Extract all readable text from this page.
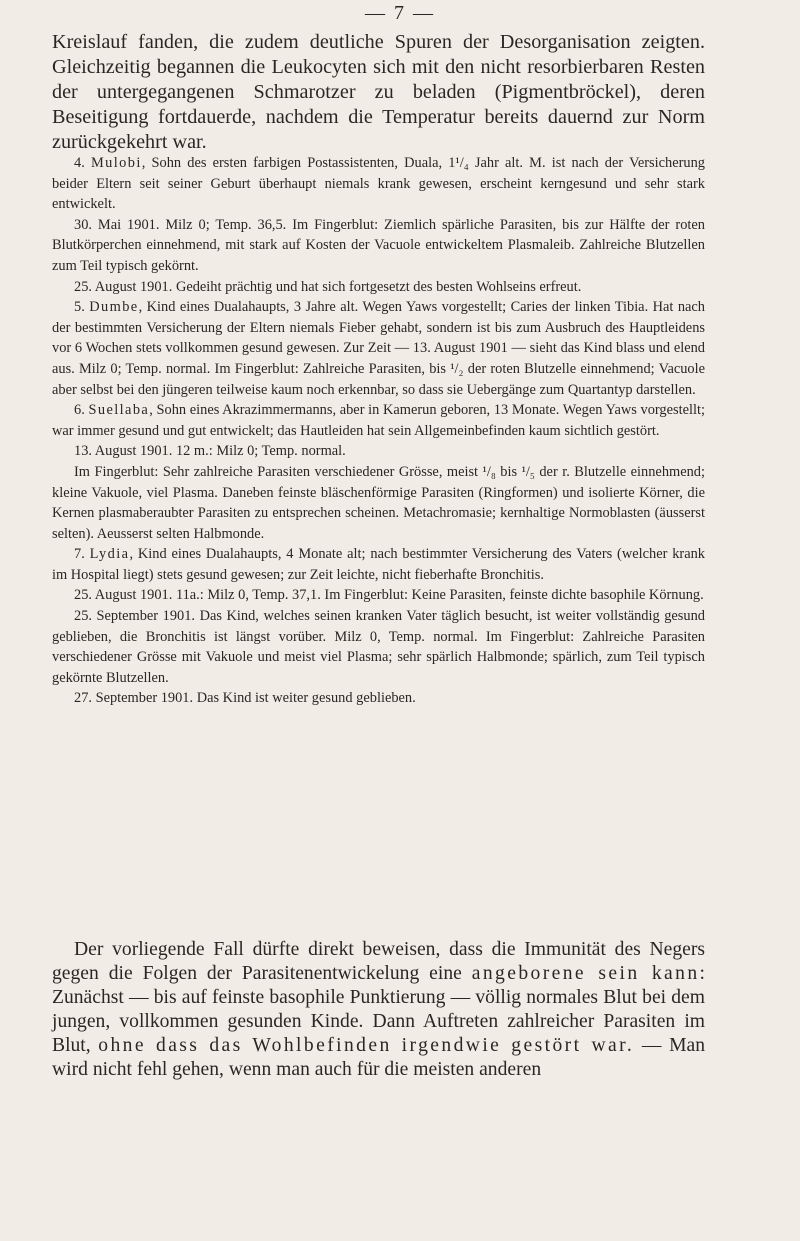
— 7 —

Kreislauf fanden, die zudem deutliche Spuren der Desorganisation zeigten. Gleichzeitig begannen die Leukocyten sich mit den nicht resorbierbaren Resten der untergegangenen Schmarotzer zu beladen (Pigmentbröckel), deren Beseitigung fortdauerde, nachdem die Temperatur bereits dauernd zur Norm zurückgekehrt war.

4. Mulobi, Sohn des ersten farbigen Postassistenten, Duala, 1¹/₄ Jahr alt. M. ist nach der Versicherung beider Eltern seit seiner Geburt überhaupt niemals krank gewesen, erscheint kerngesund und sehr stark entwickelt.

30. Mai 1901. Milz 0; Temp. 36,5. Im Fingerblut: Ziemlich spärliche Parasiten, bis zur Hälfte der roten Blutkörperchen einnehmend, mit stark auf Kosten der Vacuole entwickeltem Plasmaleib. Zahlreiche Blutzellen zum Teil typisch gekörnt.

25. August 1901. Gedeiht prächtig und hat sich fortgesetzt des besten Wohlseins erfreut.

5. Dumbe, Kind eines Dualahaupts, 3 Jahre alt. Wegen Yaws vorgestellt; Caries der linken Tibia. Hat nach der bestimmten Versicherung der Eltern niemals Fieber gehabt, sondern ist bis zum Ausbruch des Hauptleidens vor 6 Wochen stets vollkommen gesund gewesen. Zur Zeit — 13. August 1901 — sieht das Kind blass und elend aus. Milz 0; Temp. normal. Im Fingerblut: Zahlreiche Parasiten, bis ¹/₂ der roten Blutzelle einnehmend; Vacuole aber selbst bei den jüngeren teilweise kaum noch erkennbar, so dass sie Uebergänge zum Quartantyp darstellen.

6. Suellaba, Sohn eines Akrazimmermanns, aber in Kamerun geboren, 13 Monate. Wegen Yaws vorgestellt; war immer gesund und gut entwickelt; das Hautleiden hat sein Allgemeinbefinden kaum sichtlich gestört.

13. August 1901. 12 m.: Milz 0; Temp. normal.

Im Fingerblut: Sehr zahlreiche Parasiten verschiedener Grösse, meist ¹/₈ bis ¹/₅ der r. Blutzelle einnehmend; kleine Vakuole, viel Plasma. Daneben feinste bläschenförmige Parasiten (Ringformen) und isolierte Körner, die Kernen plasmaberaubter Parasiten zu entsprechen scheinen. Metachromasie; kernhaltige Normoblasten (äusserst selten). Aeusserst selten Halbmonde.

7. Lydia, Kind eines Dualahaupts, 4 Monate alt; nach bestimmter Versicherung des Vaters (welcher krank im Hospital liegt) stets gesund gewesen; zur Zeit leichte, nicht fieberhafte Bronchitis.

25. August 1901. 11a.: Milz 0, Temp. 37,1. Im Fingerblut: Keine Parasiten, feinste dichte basophile Körnung.

25. September 1901. Das Kind, welches seinen kranken Vater täglich besucht, ist weiter vollständig gesund geblieben, die Bronchitis ist längst vorüber. Milz 0, Temp. normal. Im Fingerblut: Zahlreiche Parasiten verschiedener Grösse mit Vakuole und meist viel Plasma; sehr spärlich Halbmonde; spärlich, zum Teil typisch gekörnte Blutzellen.

27. September 1901. Das Kind ist weiter gesund geblieben.

Der vorliegende Fall dürfte direkt beweisen, dass die Immunität des Negers gegen die Folgen der Parasitenentwickelung eine angeborene sein kann: Zunächst — bis auf feinste basophile Punktierung — völlig normales Blut bei dem jungen, vollkommen gesunden Kinde. Dann Auftreten zahlreicher Parasiten im Blut, ohne dass das Wohlbefinden irgendwie gestört war. — Man wird nicht fehl gehen, wenn man auch für die meisten anderen
